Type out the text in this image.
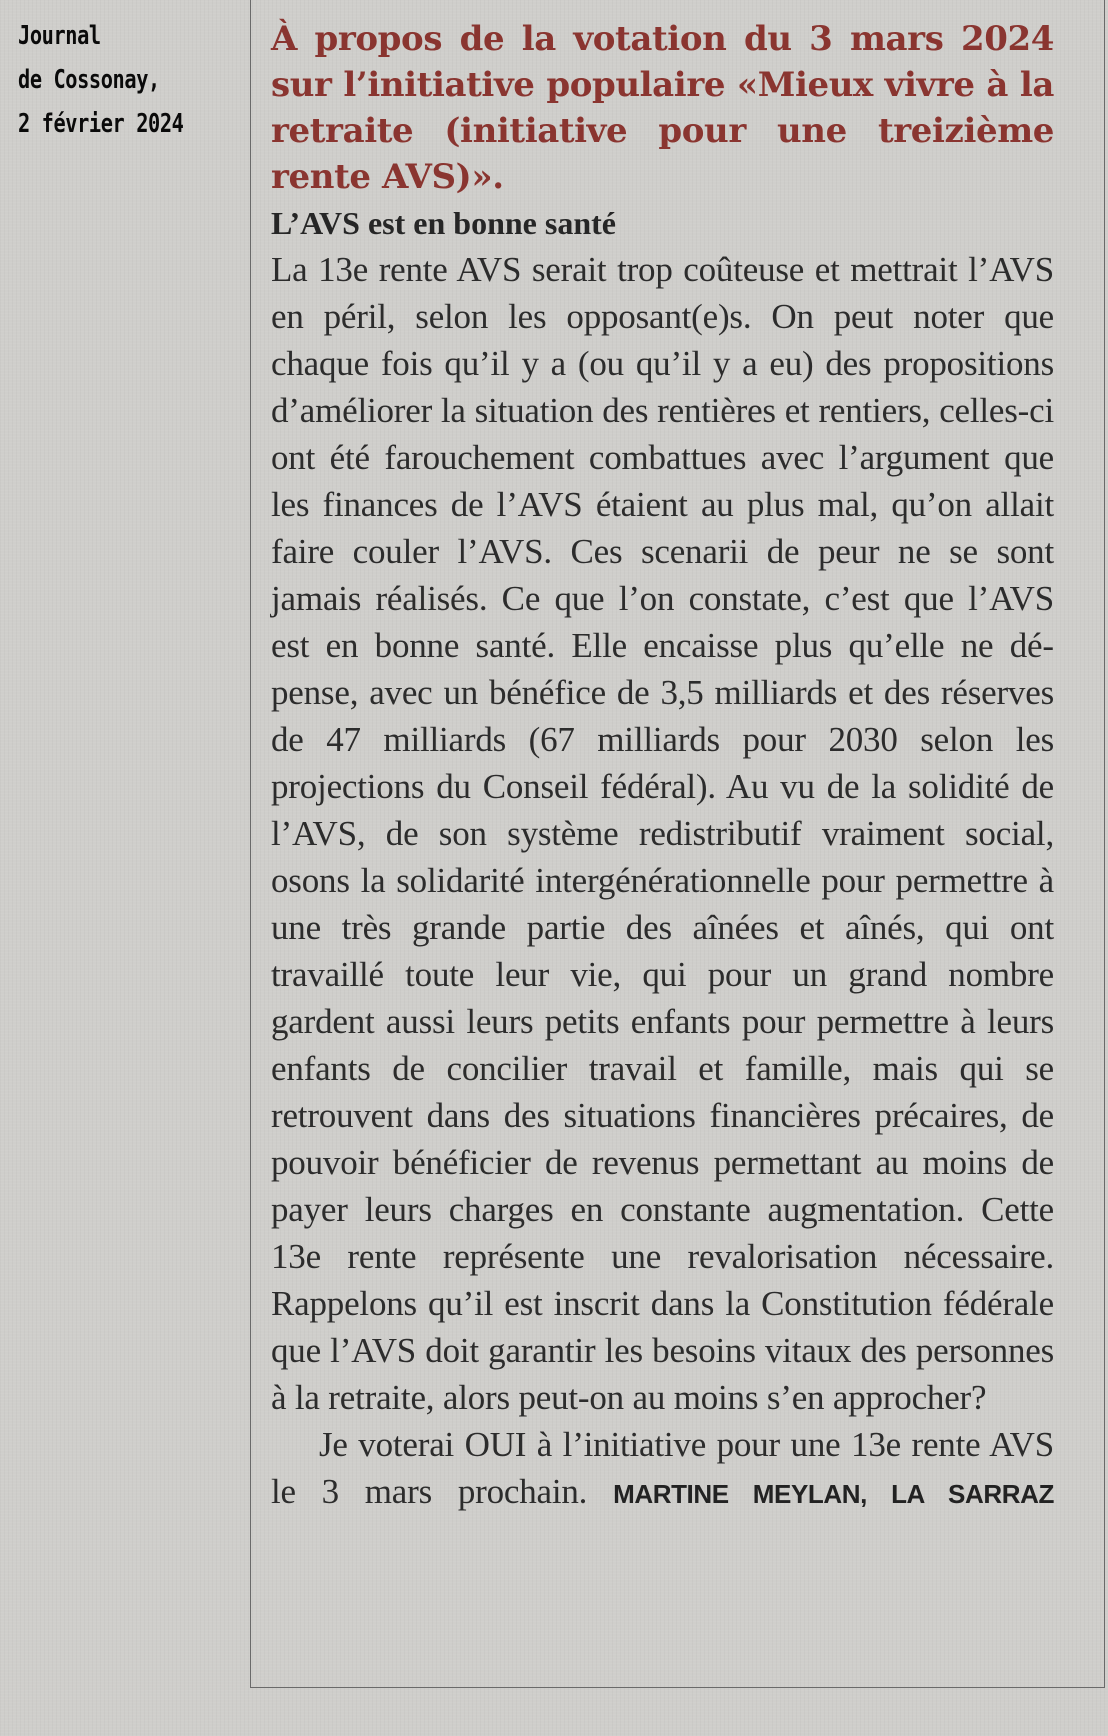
Journal
de Cossonay,
2 février 2024
À propos de la votation du 3 mars 2024 sur l’initiative populaire «Mieux vivre à la retraite (initiative pour une treizième rente AVS)».
L’AVS est en bonne santé

La 13e rente AVS serait trop coûteuse et mettrait l’AVS en péril, selon les opposant(e)s. On peut noter que chaque fois qu’il y a (ou qu’il y a eu) des propositions d’améliorer la situation des rentières et rentiers, celles-ci ont été farouchement combattues avec l’argument que les finances de l’AVS étaient au plus mal, qu’on allait faire couler l’AVS. Ces scenarii de peur ne se sont jamais réalisés. Ce que l’on constate, c’est que l’AVS est en bonne santé. Elle encaisse plus qu’elle ne dépense, avec un bénéfice de 3,5 milliards et des réserves de 47 milliards (67 milliards pour 2030 selon les projections du Conseil fédéral). Au vu de la solidité de l’AVS, de son système redistributif vraiment social, osons la solidarité intergénérationnelle pour permettre à une très grande partie des aînées et aînés, qui ont travaillé toute leur vie, qui pour un grand nombre gardent aussi leurs petits enfants pour permettre à leurs enfants de concilier travail et famille, mais qui se retrouvent dans des situations financières précaires, de pouvoir bénéficier de revenus permettant au moins de payer leurs charges en constante augmentation. Cette 13e rente représente une revalorisation nécessaire. Rappelons qu’il est inscrit dans la Constitution fédérale que l’AVS doit garantir les besoins vitaux des personnes à la retraite, alors peut-on au moins s’en approcher?

Je voterai OUI à l’initiative pour une 13e rente AVS le 3 mars prochain. MARTINE MEYLAN, LA SARRAZ
